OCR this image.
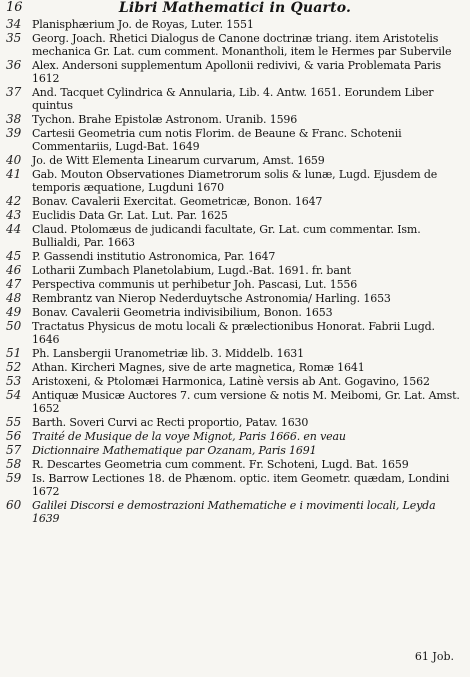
16	Libri Mathematici in Quarto.
34 Planisphærium Jo. de Royas, Luter. 1551
35 Georg. Joach. Rhetici Dialogus de Canone doctrinæ triang. item Aristotelis mechanica Gr. Lat. cum comment. Monantholi, item le Hermes par Subervile
36 Alex. Andersoni supplementum Apollonii redivivi, & varia Problemata Paris 1612
37 And. Tacquet Cylindrica & Annularia, Lib. 4. Antw. 1651. Eorundem Liber quintus
38 Tychon. Brahe Epistolæ Astronom. Uranib. 1596
39 Cartesii Geometria cum notis Florim. de Beaune & Franc. Schotenii Commentariis, Lugd-Bat. 1649
40 Jo. de Witt Elementa Linearum curvarum, Amst. 1659
41 Gab. Mouton Observationes Diametrorum solis & lunæ, Lugd. Ejusdem de temporis æquatione, Lugduni 1670
42 Bonav. Cavalerii Exercitat. Geometricæ, Bonon. 1647
43 Euclidis Data Gr. Lat. Lut. Par. 1625
44 Claud. Ptolomæus de judicandi facultate, Gr. Lat. cum commentar. Ism. Bullialdi, Par. 1663
45 P. Gassendi institutio Astronomica, Par. 1647
46 Lotharii Zumbach Planetolabium, Lugd.-Bat. 1691. fr. bant
47 Perspectiva communis ut perhibetur Joh. Pascasi, Lut. 1556
48 Rembrantz van Nierop Nederduytsche Astronomia/ Harling. 1653
49 Bonav. Cavalerii Geometria indivisibilium, Bonon. 1653
50 Tractatus Physicus de motu locali & prælectionibus Honorat. Fabrii Lugd. 1646
51 Ph. Lansbergii Uranometriæ lib. 3. Middelb. 1631
52 Athan. Kircheri Magnes, sive de arte magnetica, Romæ 1641
53 Aristoxeni, & Ptolomæi Harmonica, Latinè versis ab Ant. Gogavino, 1562
54 Antiquæ Musicæ Auctores 7. cum versione & notis M. Meibomi, Gr. Lat. Amst. 1652
55 Barth. Soveri Curvi ac Recti proportio, Patav. 1630
56 Traité de Musique de la voye Mignot, Paris 1666. en veau
57 Dictionnaire Mathematique par Ozanam, Paris 1691
58 R. Descartes Geometria cum comment. Fr. Schoteni, Lugd. Bat. 1659
59 Is. Barrow Lectiones 18. de Phænom. optic. item Geometr. quædam, Londini 1672
60 Galilei Discorsi e demostrazioni Mathematiche e i movimenti locali, Leyda 1639
61 Job.
